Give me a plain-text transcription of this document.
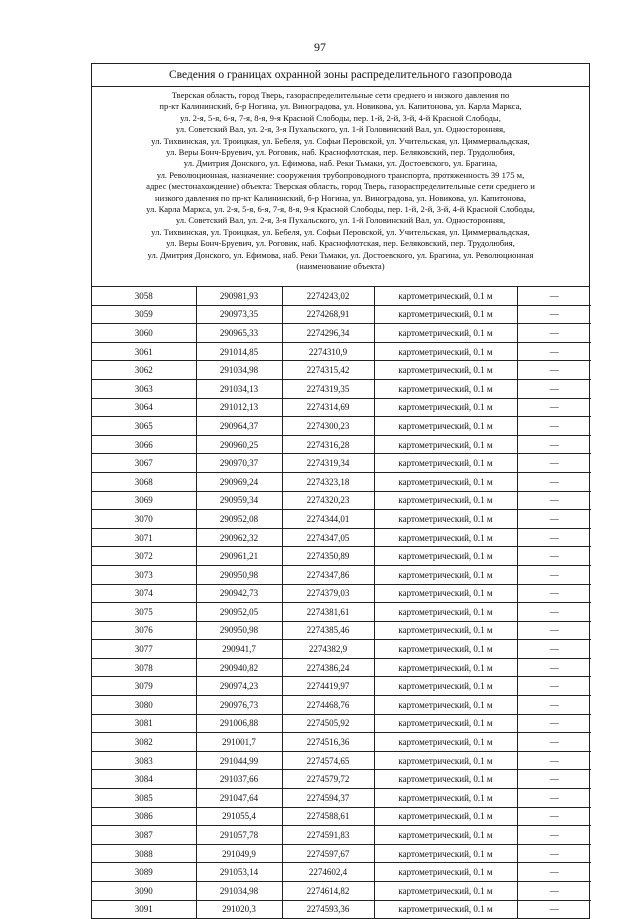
97
Сведения о границах охранной зоны распределительного газопровода

Тверская область, город Тверь, газораспределительные сети среднего и низкого давления по

пр-кт Калининский, б-р Ногина, ул. Виноградова, ул. Новикова, ул. Капитонова, ул. Карла Маркса,

ул. 2-я, 5-я, 6-я, 7-я, 8-я, 9-я Красной Слободы, пер. 1-й, 2-й, 3-й, 4-й Красной Слободы,

ул. Советский Вал, ул. 2-я, 3-я Пухальского, ул. 1-й Головинский Вал, ул. Односторонняя,

ул. Тихвинская, ул. Троицкая, ул. Бебеля, ул. Софьи Перовской, ул. Учительская, ул. Циммервальдская,

ул. Веры Бонч-Бруевич, ул. Роговик, наб. Краснофлотская, пер. Беляковский, пер. Трудолюбия,

ул. Дмитрия Донского, ул. Ефимова, наб. Реки Тьмаки, ул. Достоевского, ул. Брагина,

ул. Революционная, назначение: сооружения трубопроводного транспорта, протяженность 39 175 м,

адрес (местонахождение) объекта: Тверская область, город Тверь, газораспределительные сети среднего и

низкого давления по пр-кт Калининский, б-р Ногина, ул. Виноградова, ул. Новикова, ул. Капитонова,

ул. Карла Маркса, ул. 2-я, 5-я, 6-я, 7-я, 8-я, 9-я Красной Слободы, пер. 1-й, 2-й, 3-й, 4-й Красной Слободы,

ул. Советский Вал, ул. 2-я, 3-я Пухальского, ул. 1-й Головинский Вал, ул. Односторонняя,

ул. Тихвинская, ул. Троицкая, ул. Бебеля, ул. Софьи Перовской, ул. Учительская, ул. Циммервальдская,

ул. Веры Бонч-Бруевич, ул. Роговик, наб. Краснофлотская, пер. Беляковский, пер. Трудолюбия,

ул. Дмитрия Донского, ул. Ефимова, наб. Реки Тьмаки, ул. Достоевского, ул. Брагина, ул. Революционная

(наименование объекта)
3058	290981,93	2274243,02	картометрический, 0.1 м	—
3059	290973,35	2274268,91	картометрический, 0.1 м	—
3060	290965,33	2274296,34	картометрический, 0.1 м	—
3061	291014,85	2274310,9	картометрический, 0.1 м	—
3062	291034,98	2274315,42	картометрический, 0.1 м	—
3063	291034,13	2274319,35	картометрический, 0.1 м	—
3064	291012,13	2274314,69	картометрический, 0.1 м	—
3065	290964,37	2274300,23	картометрический, 0.1 м	—
3066	290960,25	2274316,28	картометрический, 0.1 м	—
3067	290970,37	2274319,34	картометрический, 0.1 м	—
3068	290969,24	2274323,18	картометрический, 0.1 м	—
3069	290959,34	2274320,23	картометрический, 0.1 м	—
3070	290952,08	2274344,01	картометрический, 0.1 м	—
3071	290962,32	2274347,05	картометрический, 0.1 м	—
3072	290961,21	2274350,89	картометрический, 0.1 м	—
3073	290950,98	2274347,86	картометрический, 0.1 м	—
3074	290942,73	2274379,03	картометрический, 0.1 м	—
3075	290952,05	2274381,61	картометрический, 0.1 м	—
3076	290950,98	2274385,46	картометрический, 0.1 м	—
3077	290941,7	2274382,9	картометрический, 0.1 м	—
3078	290940,82	2274386,24	картометрический, 0.1 м	—
3079	290974,23	2274419,97	картометрический, 0.1 м	—
3080	290976,73	2274468,76	картометрический, 0.1 м	—
3081	291006,88	2274505,92	картометрический, 0.1 м	—
3082	291001,7	2274516,36	картометрический, 0.1 м	—
3083	291044,99	2274574,65	картометрический, 0.1 м	—
3084	291037,66	2274579,72	картометрический, 0.1 м	—
3085	291047,64	2274594,37	картометрический, 0.1 м	—
3086	291055,4	2274588,61	картометрический, 0.1 м	—
3087	291057,78	2274591,83	картометрический, 0.1 м	—
3088	291049,9	2274597,67	картометрический, 0.1 м	—
3089	291053,14	2274602,4	картометрический, 0.1 м	—
3090	291034,98	2274614,82	картометрический, 0.1 м	—
3091	291020,3	2274593,36	картометрический, 0.1 м	—
